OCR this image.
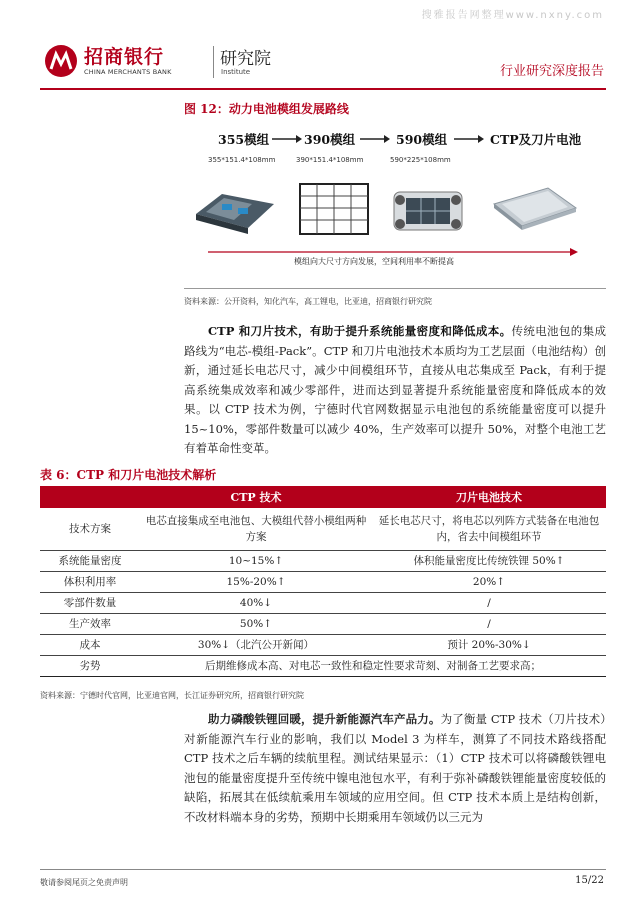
搜雅报告网整理www.nxny.com
招商银行
CHINA MERCHANTS BANK
研究院
Institute	行业研究深度报告
图 12：动力电池模组发展路线
355模组	390模组	590模组	CTP及刀片电池
355*151.4*108mm	390*151.4*108mm	590*225*108mm
模组向大尺寸方向发展，空间利用率不断提高
资料来源：公开资料，知化汽车，高工锂电，比亚迪，招商银行研究院
CTP 和刀片技术，有助于提升系统能量密度和降低成本。传统电池包的集成路线为“电芯-模组-Pack”。CTP 和刀片电池技术本质均为工艺层面（电池结构）创新，通过延长电芯尺寸，减少中间模组环节，直接从电芯集成至 Pack，有利于提高系统集成效率和减少零部件，进而达到显著提升系统能量密度和降低成本的效果。以 CTP 技术为例，宁德时代官网数据显示电池包的系统能量密度可以提升 15~10%，零部件数量可以减少 40%，生产效率可以提升 50%，对整个电池工艺有着革命性变革。
表 6：CTP 和刀片电池技术解析
	CTP 技术	刀片电池技术
技术方案	电芯直接集成至电池包、大模组代替小模组两种方案	延长电芯尺寸，将电芯以列阵方式装备在电池包内，省去中间模组环节
系统能量密度	10~15%↑	体积能量密度比传统铁锂 50%↑
体积利用率	15%-20%↑	20%↑
零部件数量	40%↓	/
生产效率	50%↑	/
成本	30%↓（北汽公开新闻）	预计 20%-30%↓
劣势	后期维修成本高、对电芯一致性和稳定性要求苛刻、对制备工艺要求高；	
资料来源：宁德时代官网，比亚迪官网，长江证券研究所，招商银行研究院
助力磷酸铁锂回暖，提升新能源汽车产品力。为了衡量 CTP 技术（刀片技术）对新能源汽车行业的影响，我们以 Model 3 为样车，测算了不同技术路线搭配 CTP 技术之后车辆的续航里程。测试结果显示：（1）CTP 技术可以将磷酸铁锂电池包的能量密度提升至传统中镍电池包水平，有利于弥补磷酸铁锂能量密度较低的缺陷，拓展其在低续航乘用车领域的应用空间。但 CTP 技术本质上是结构创新，不改材料端本身的劣势，预期中长期乘用车领域仍以三元为
敬请参阅尾页之免责声明	15/22
